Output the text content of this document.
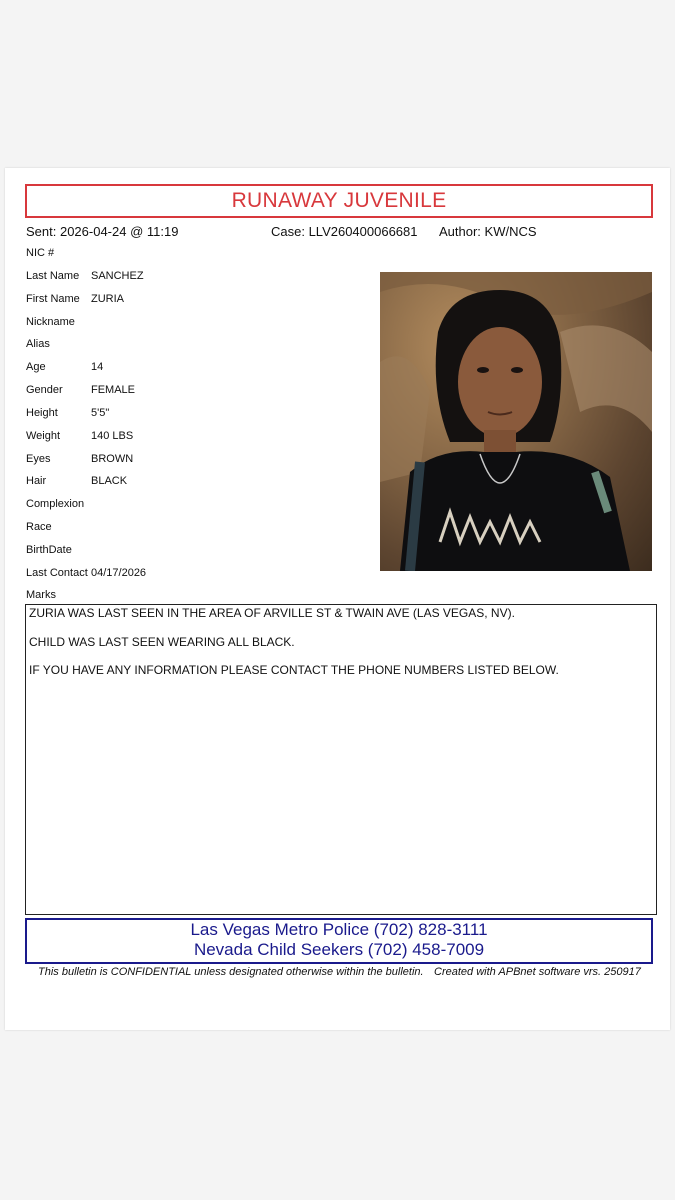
RUNAWAY JUVENILE
Sent: 2026-04-24 @ 11:19	Case: LLV260400066681 Author: KW/NCS
NIC #
Last Name SANCHEZ
First Name ZURIA
Nickname
Alias
Age	14
Gender	FEMALE
Height	5'5"
Weight	140 LBS
Eyes	BROWN
Hair	BLACK
Complexion
Race
BirthDate
Last Contact 04/17/2026
Marks

ZURIA WAS LAST SEEN IN THE AREA OF ARVILLE ST & TWAIN AVE (LAS VEGAS, NV).

CHILD WAS LAST SEEN WEARING ALL BLACK.

IF YOU HAVE ANY INFORMATION PLEASE CONTACT THE PHONE NUMBERS LISTED BELOW.

Las Vegas Metro Police (702) 828-3111
Nevada Child Seekers (702) 458-7009
This bulletin is CONFIDENTIAL unless designated otherwise within the bulletin. Created with APBnet software vrs. 250917
